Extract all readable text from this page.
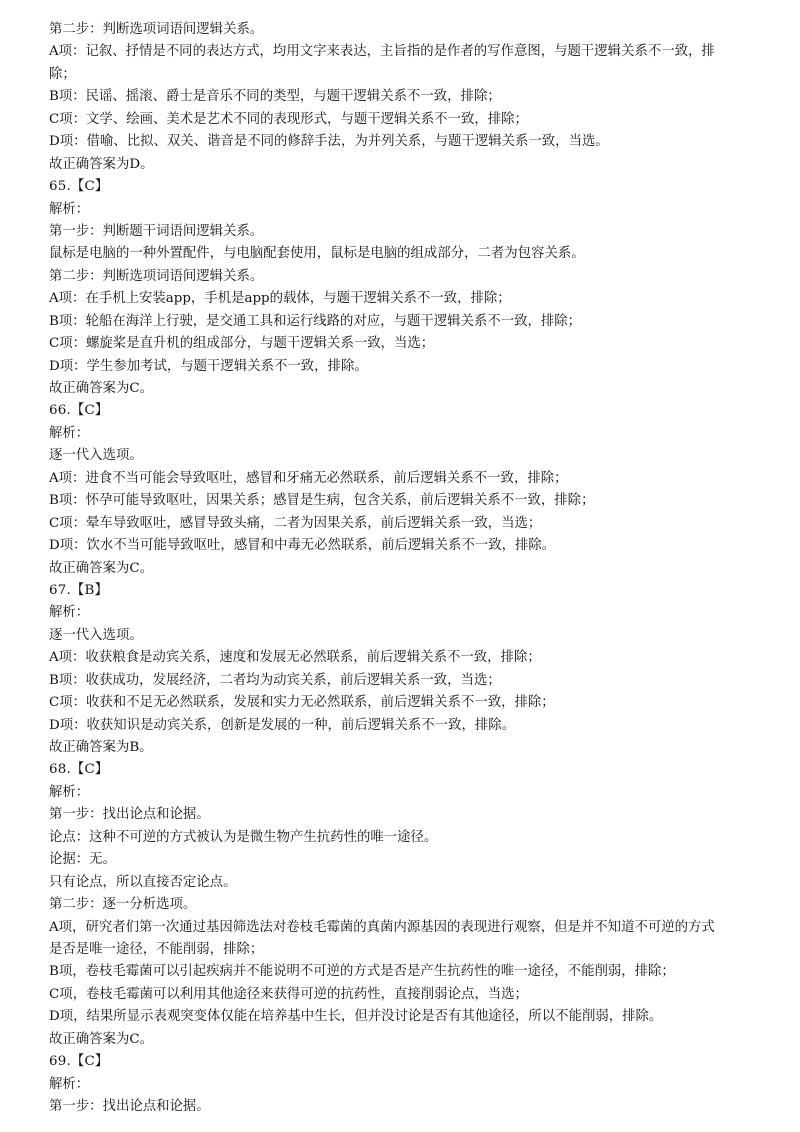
第二步：判断选项词语间逻辑关系。
A项：记叙、抒情是不同的表达方式，均用文字来表达，主旨指的是作者的写作意图，与题干逻辑关系不一致，排
除；
B项：民谣、摇滚、爵士是音乐不同的类型，与题干逻辑关系不一致，排除；
C项：文学、绘画、美术是艺术不同的表现形式，与题干逻辑关系不一致，排除；
D项：借喻、比拟、双关、谐音是不同的修辞手法，为并列关系，与题干逻辑关系一致，当选。
故正确答案为D。
65.【C】
解析：
第一步：判断题干词语间逻辑关系。
鼠标是电脑的一种外置配件，与电脑配套使用，鼠标是电脑的组成部分，二者为包容关系。
第二步：判断选项词语间逻辑关系。
A项：在手机上安装app，手机是app的载体，与题干逻辑关系不一致，排除；
B项：轮船在海洋上行驶，是交通工具和运行线路的对应，与题干逻辑关系不一致，排除；
C项：螺旋桨是直升机的组成部分，与题干逻辑关系一致，当选；
D项：学生参加考试，与题干逻辑关系不一致，排除。
故正确答案为C。
66.【C】
解析：
逐一代入选项。
A项：进食不当可能会导致呕吐，感冒和牙痛无必然联系，前后逻辑关系不一致，排除；
B项：怀孕可能导致呕吐，因果关系；感冒是生病，包含关系，前后逻辑关系不一致，排除；
C项：晕车导致呕吐，感冒导致头痛，二者为因果关系，前后逻辑关系一致，当选；
D项：饮水不当可能导致呕吐，感冒和中毒无必然联系，前后逻辑关系不一致，排除。
故正确答案为C。
67.【B】
解析：
逐一代入选项。
A项：收获粮食是动宾关系，速度和发展无必然联系，前后逻辑关系不一致，排除；
B项：收获成功，发展经济，二者均为动宾关系，前后逻辑关系一致，当选；
C项：收获和不足无必然联系，发展和实力无必然联系，前后逻辑关系不一致，排除；
D项：收获知识是动宾关系，创新是发展的一种，前后逻辑关系不一致，排除。
故正确答案为B。
68.【C】
解析：
第一步：找出论点和论据。
论点：这种不可逆的方式被认为是微生物产生抗药性的唯一途径。
论据：无。
只有论点，所以直接否定论点。
第二步：逐一分析选项。
A项，研究者们第一次通过基因筛选法对卷枝毛霉菌的真菌内源基因的表现进行观察，但是并不知道不可逆的方式
是否是唯一途径，不能削弱，排除；
B项，卷枝毛霉菌可以引起疾病并不能说明不可逆的方式是否是产生抗药性的唯一途径，不能削弱，排除；
C项，卷枝毛霉菌可以利用其他途径来获得可逆的抗药性，直接削弱论点，当选；
D项，结果所显示表观突变体仅能在培养基中生长，但并没讨论是否有其他途径，所以不能削弱，排除。
故正确答案为C。
69.【C】
解析：
第一步：找出论点和论据。
